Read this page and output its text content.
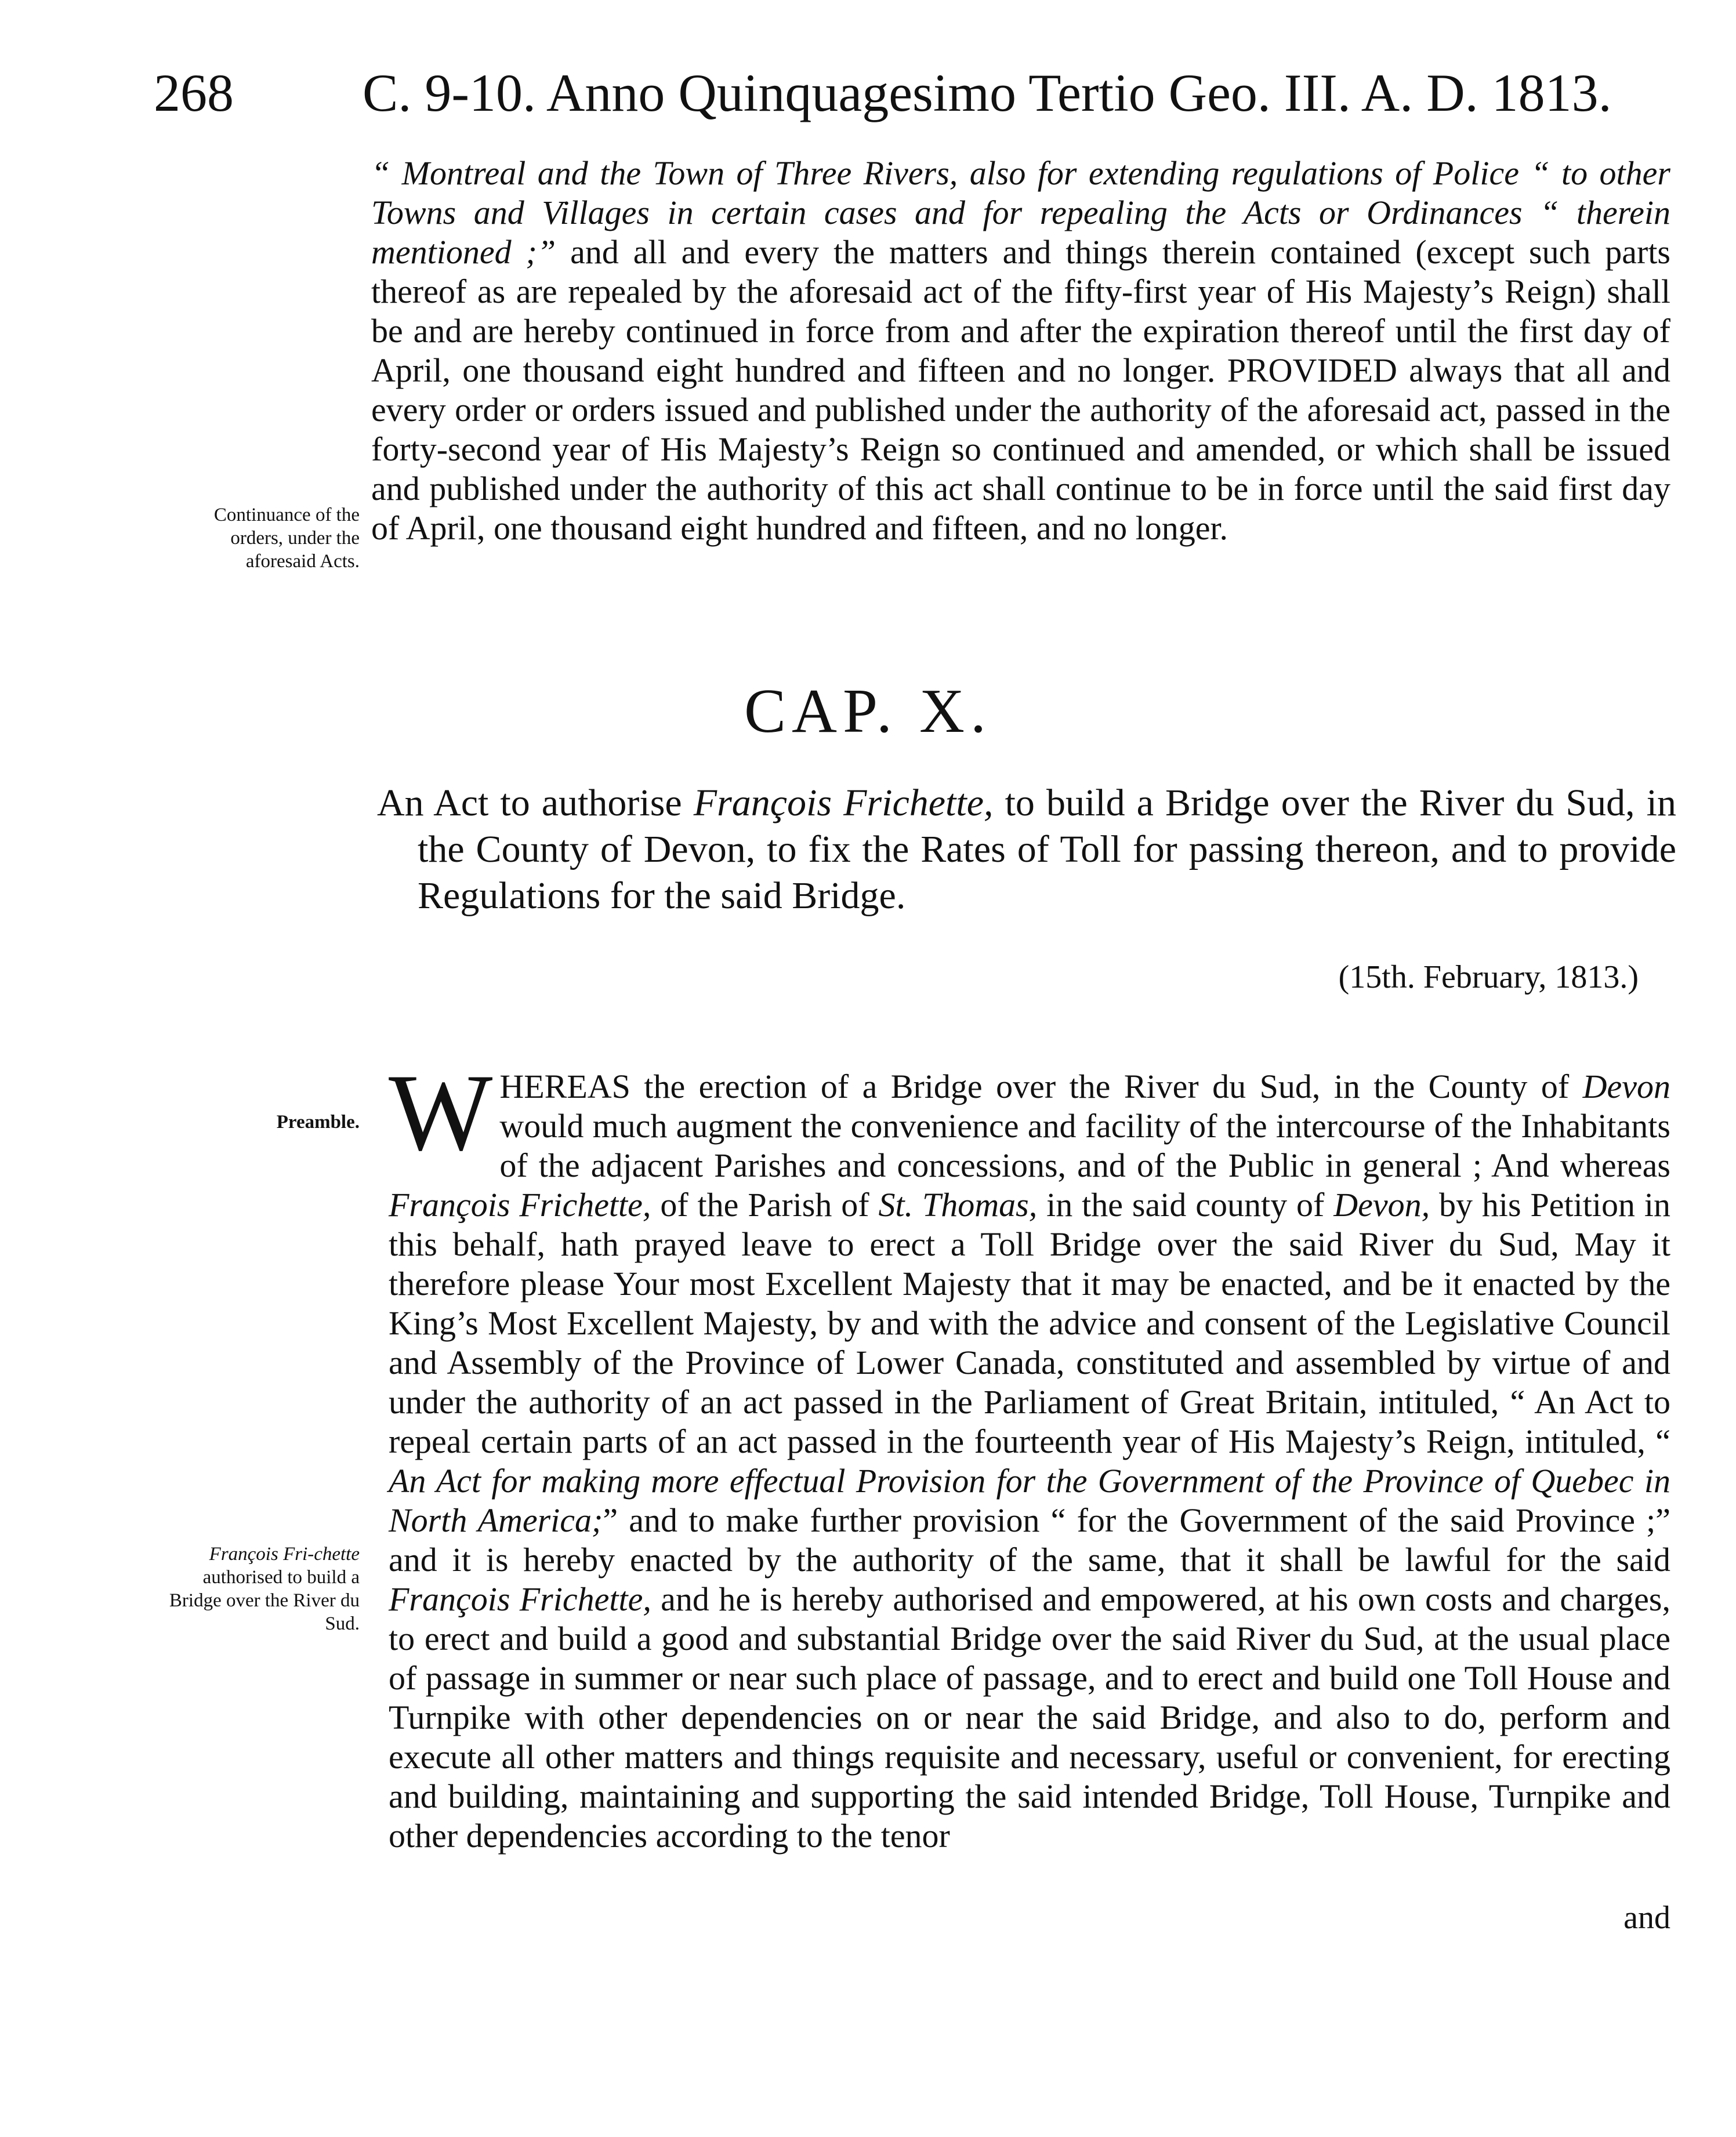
268 C. 9-10. Anno Quinquagesimo Tertio Geo. III. A. D. 1813.

“ Montreal and the Town of Three Rivers, also for extending regulations of Police “ to other Towns and Villages in certain cases and for repealing the Acts or Ordinances “ therein mentioned ;” and all and every the matters and things therein contained (except such parts thereof as are repealed by the aforesaid act of the fifty-first year of His Majesty’s Reign) shall be and are hereby continued in force from and after the expiration thereof until the first day of April, one thousand eight hundred and fifteen and no longer. PROVIDED always that all and every order or orders issued and published under the authority of the aforesaid act, passed in the forty-second year of His Majesty’s Reign so continued and amended, or which shall be issued and published under the authority of this act shall continue to be in force until the said first day of April, one thousand eight hundred and fifteen, and no longer.

Continuance of the orders, under the aforesaid Acts.
CAP. X.

An Act to authorise François Frichette, to build a Bridge over the River du Sud, in the County of Devon, to fix the Rates of Toll for passing thereon, and to provide Regulations for the said Bridge.

(15th. February, 1813.)
Preamble.
François Fri-chette authorised to build a Bridge over the River du Sud.

WHEREAS the erection of a Bridge over the River du Sud, in the County of Devon would much augment the convenience and facility of the intercourse of the Inhabitants of the adjacent Parishes and concessions, and of the Public in general ; And whereas François Frichette, of the Parish of St. Thomas, in the said county of Devon, by his Petition in this behalf, hath prayed leave to erect a Toll Bridge over the said River du Sud, May it therefore please Your most Excellent Majesty that it may be enacted, and be it enacted by the King’s Most Excellent Majesty, by and with the advice and consent of the Legislative Council and Assembly of the Province of Lower Canada, constituted and assembled by virtue of and under the authority of an act passed in the Parliament of Great Britain, intituled, “ An Act to repeal certain parts of an act passed in the fourteenth year of His Majesty’s Reign, intituled, “ An Act for making more effectual Provision for the Government of the Province of Quebec in North America;” and to make further provision “ for the Government of the said Province ;” and it is hereby enacted by the authority of the same, that it shall be lawful for the said François Frichette, and he is hereby authorised and empowered, at his own costs and charges, to erect and build a good and substantial Bridge over the said River du Sud, at the usual place of passage in summer or near such place of passage, and to erect and build one Toll House and Turnpike with other dependencies on or near the said Bridge, and also to do, perform and execute all other matters and things requisite and necessary, useful or convenient, for erecting and building, maintaining and supporting the said intended Bridge, Toll House, Turnpike and other dependencies according to the tenor

and
